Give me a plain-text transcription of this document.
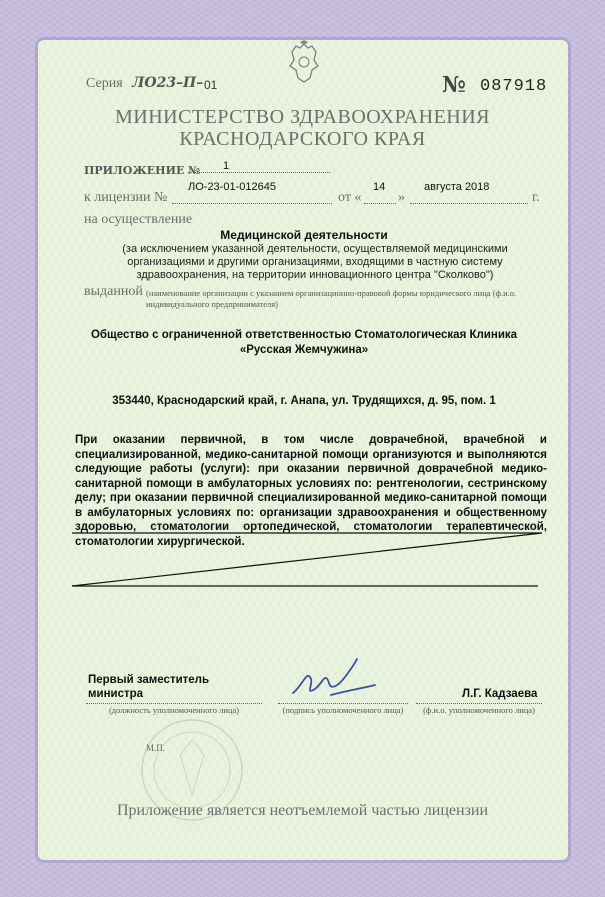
Серия ЛО23–П– 01	№ 087918
МИНИСТЕРСТВО ЗДРАВООХРАНЕНИЯ
КРАСНОДАРСКОГО КРАЯ
ПРИЛОЖЕНИЕ № 1
к лицензии №
ЛО-23-01-012645
от «
14
»
августа 2018
г.
на осуществление
Медицинской деятельности
(за исключением указанной деятельности, осуществляемой медицинскими организациями и другими организациями, входящими в частную систему здравоохранения, на территории инновационного центра "Сколково")
выданной (наименование организации с указанием организационно-правовой формы юридического лица (ф.и.о. индивидуального предпринимателя)
Общество с ограниченной ответственностью Стоматологическая Клиника
«Русская Жемчужина»
353440, Краснодарский край, г. Анапа, ул. Трудящихся, д. 95, пом. 1
При оказании первичной, в том числе доврачебной, врачебной и специализированной, медико-санитарной помощи организуются и выполняются следующие работы (услуги): при оказании первичной доврачебной медико-санитарной помощи в амбулаторных условиях по: рентгенологии, сестринскому делу; при оказании первичной специализированной медико-санитарной помощи в амбулаторных условиях по: организации здравоохранения и общественному здоровью, стоматологии ортопедической, стоматологии терапевтической, стоматологии хирургической.
Первый заместитель
министра
(должность уполномоченного лица)	(подпись уполномоченного лица)
Л.Г. Кадзаева
(ф.и.о. уполномоченного лица)
М.П.
Приложение является неотъемлемой частью лицензии
